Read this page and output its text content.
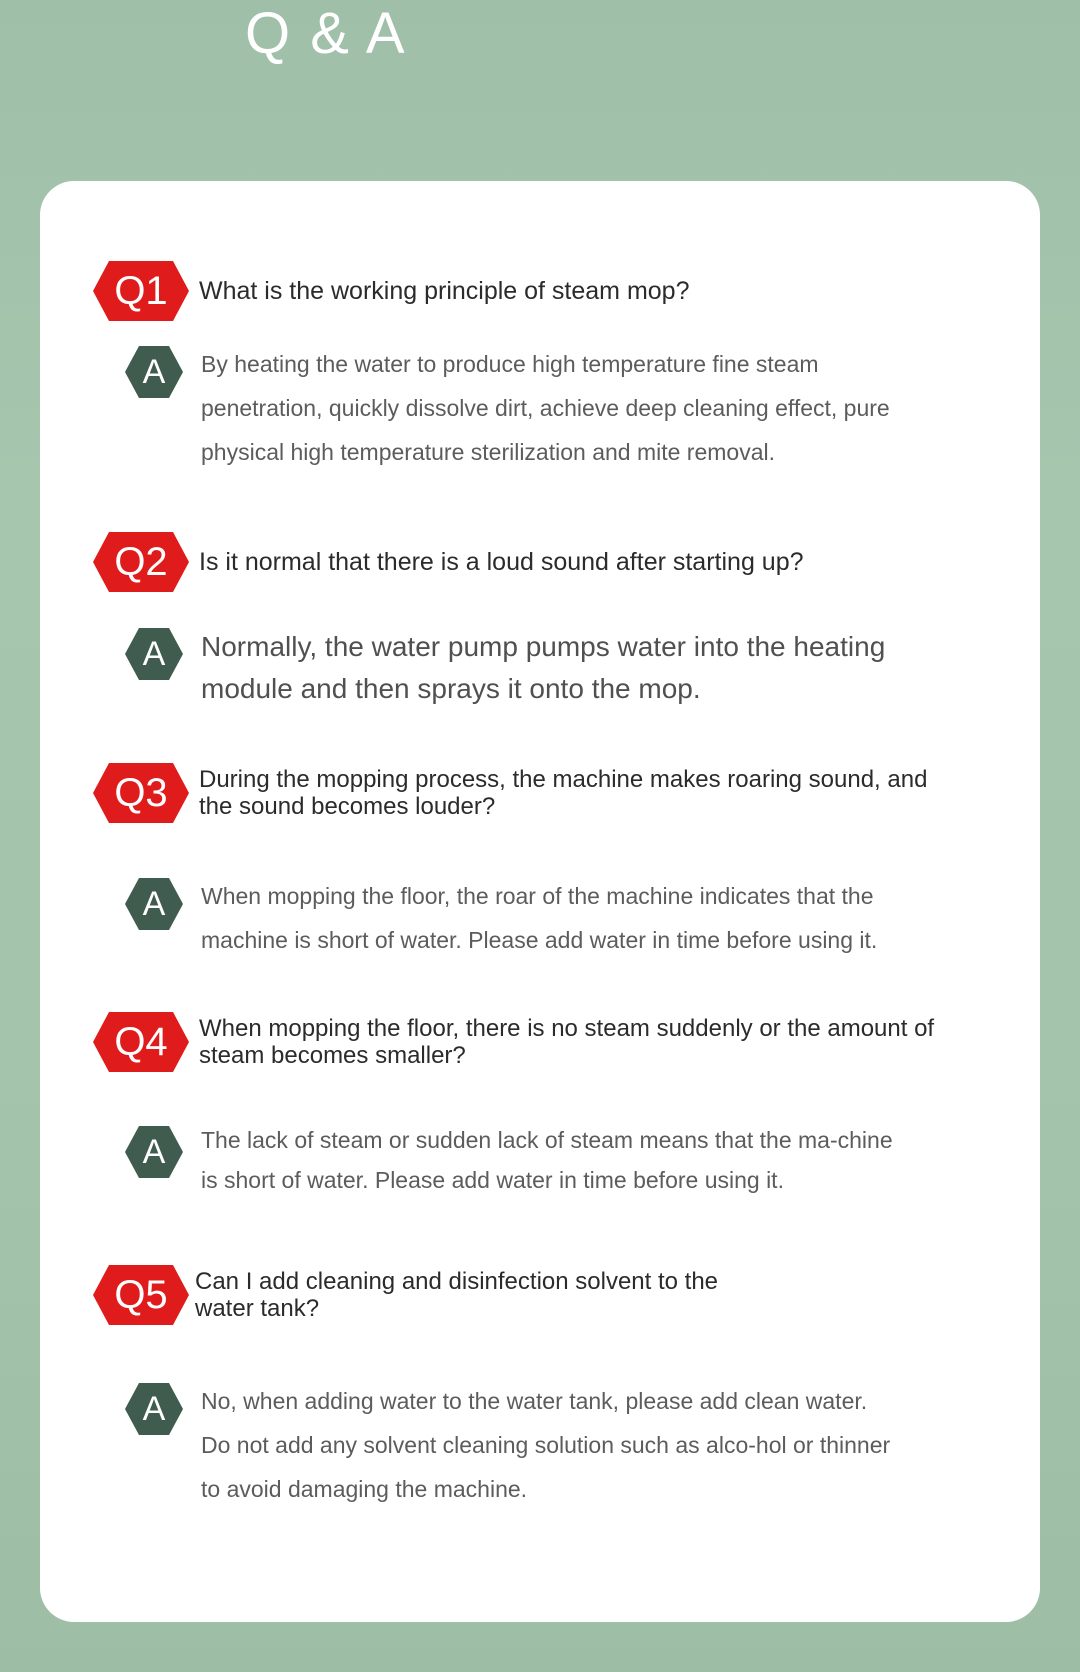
Q & A
Q1	What is the working principle of steam mop?
A	By heating the water to produce high temperature fine steam penetration, quickly dissolve dirt, achieve deep cleaning effect, pure physical high temperature sterilization and mite removal.
Q2	Is it normal that there is a loud sound after starting up?
A	Normally, the water pump pumps water into the heating module and then sprays it onto the mop.
Q3	During the mopping process, the machine makes roaring sound, and the sound becomes louder?
A	When mopping the floor, the roar of the machine indicates that the machine is short of water. Please add water in time before using it.
Q4	When mopping the floor, there is no steam suddenly or the amount of steam becomes smaller?
A	The lack of steam or sudden lack of steam means that the ma-chine is short of water. Please add water in time before using it.
Q5	Can I add cleaning and disinfection solvent to the water tank?
A	No, when adding water to the water tank, please add clean water. Do not add any solvent cleaning solution such as alco-hol or thinner to avoid damaging the machine.
